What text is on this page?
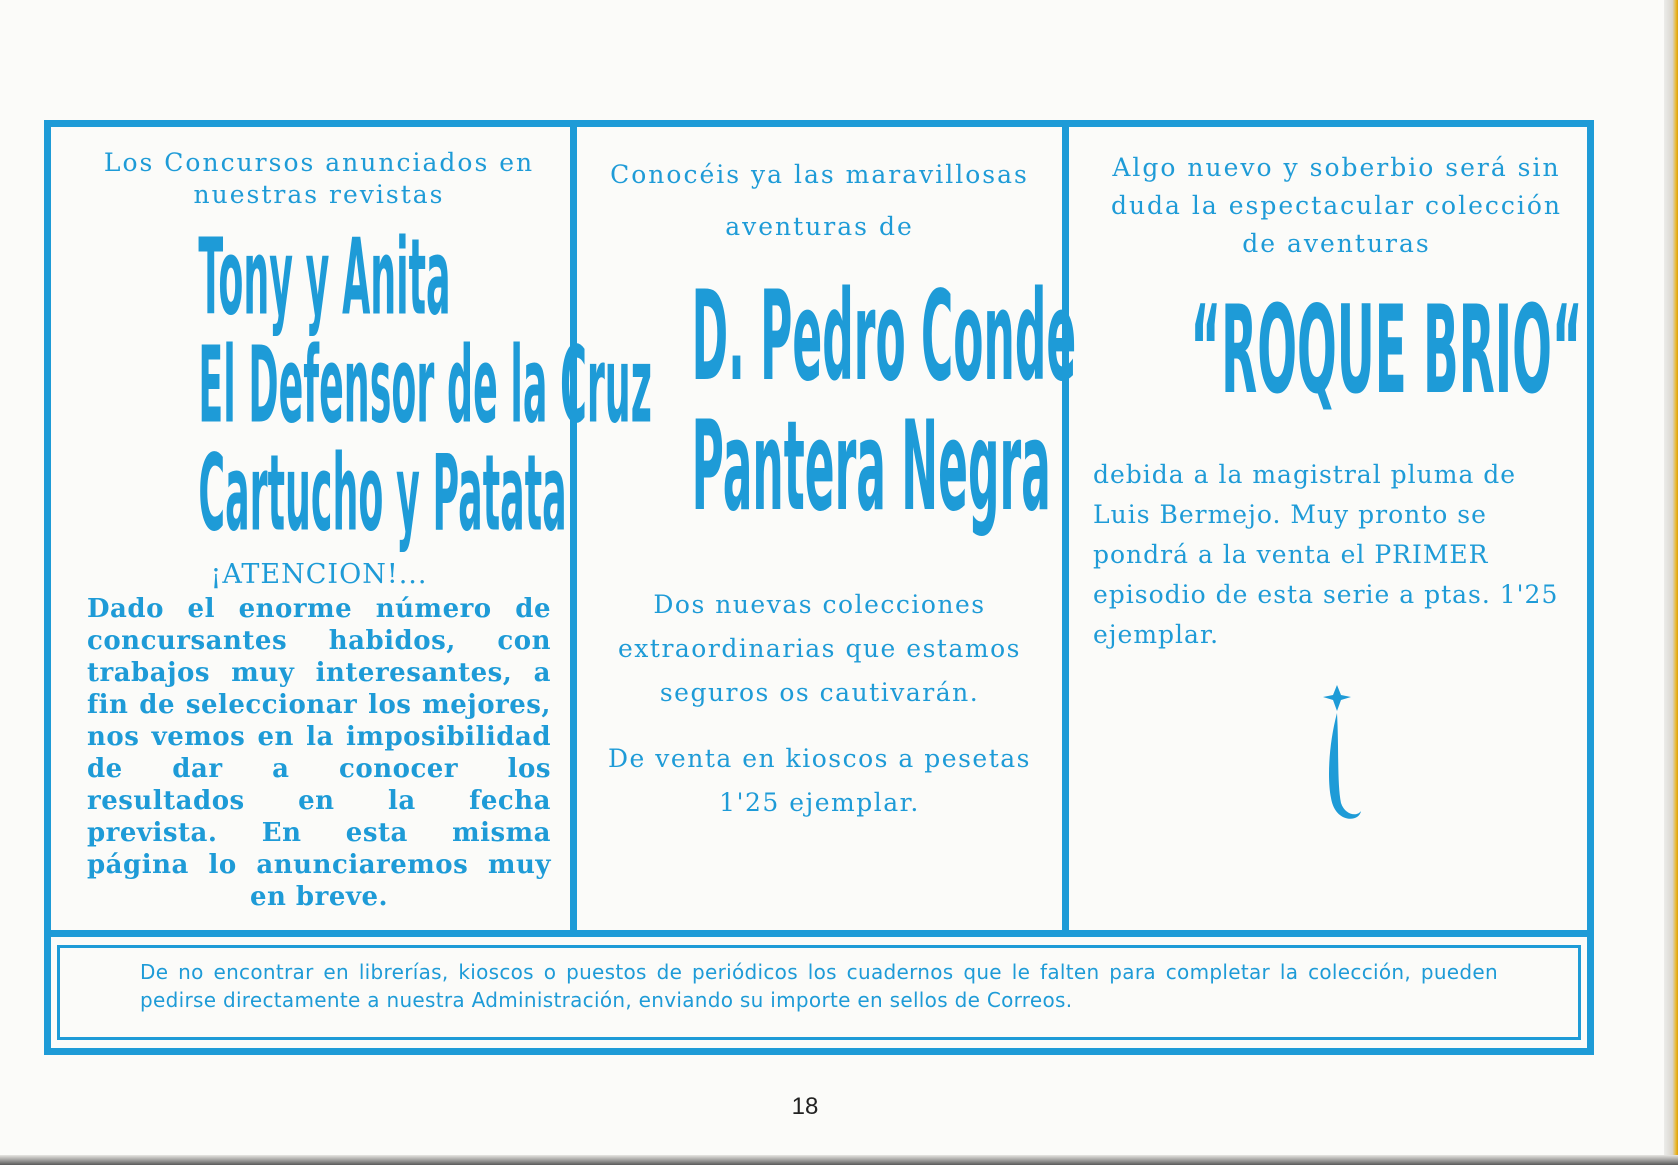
Los Concursos anunciados en nuestras revistas
Tony y Anita
El Defensor de la Cruz
Cartucho y Patata
¡ATENCION!...
Dado el enorme número de concursantes habidos, con trabajos muy interesantes, a fin de seleccionar los mejores, nos vemos en la imposibilidad de dar a conocer los resultados en la fecha prevista. En esta misma página lo anunciaremos muy en breve.
Conocéis ya las maravillosas aventuras de
D. Pedro Conde
Pantera Negra
Dos nuevas colecciones extraordinarias que estamos seguros os cautivarán.
De venta en kioscos a pesetas 1'25 ejemplar.
Algo nuevo y soberbio será sin duda la espectacular colección de aventuras
“ROQUE BRIO“
debida a la magistral pluma de Luis Bermejo. Muy pronto se pondrá a la venta el PRIMER episodio de esta serie a ptas. 1'25 ejemplar.
De no encontrar en librerías, kioscos o puestos de periódicos los cuadernos que le falten para completar la colección, pueden pedirse directamente a nuestra Administración, enviando su importe en sellos de Correos.
18
